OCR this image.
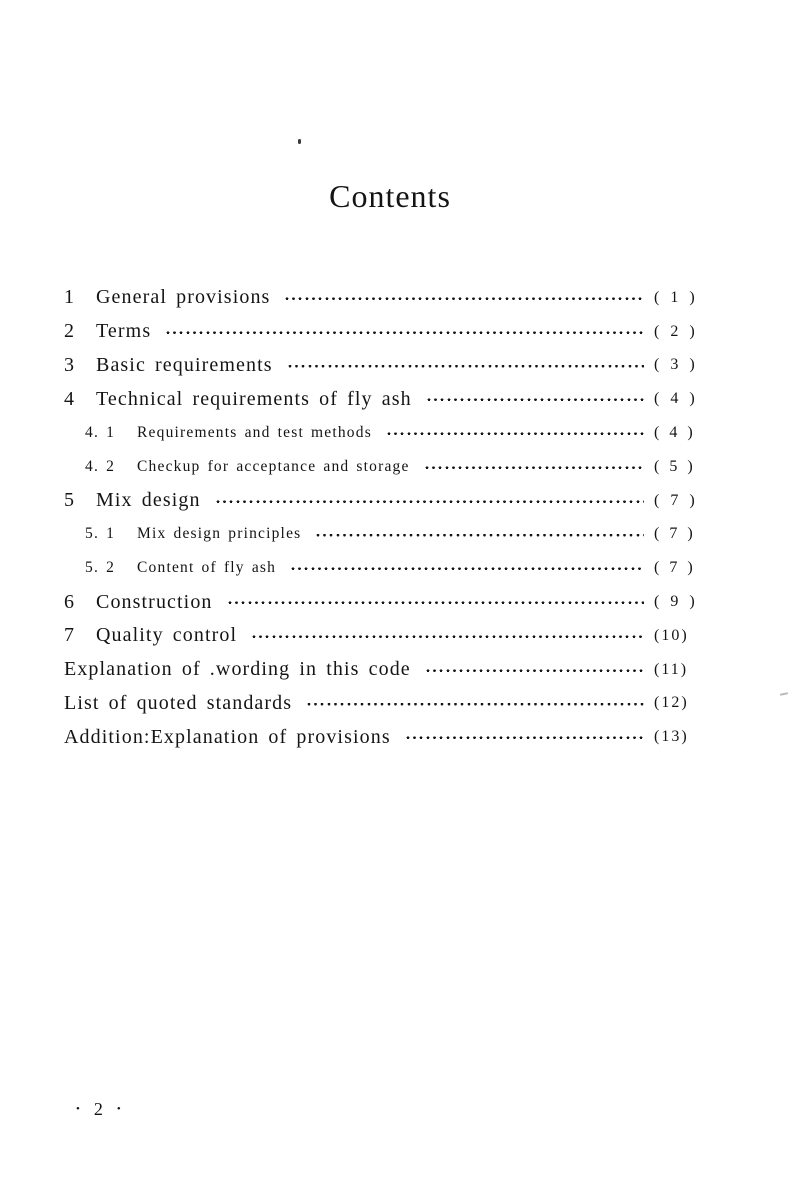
Contents
1	General provisions	( 1 )
2	Terms	( 2 )
3	Basic requirements	( 3 )
4	Technical requirements of fly ash	( 4 )
4. 1	Requirements and test methods	( 4 )
4. 2	Checkup for acceptance and storage	( 5 )
5	Mix design	( 7 )
5. 1	Mix design principles	( 7 )
5. 2	Content of fly ash	( 7 )
6	Construction	( 9 )
7	Quality control	(10)
Explanation of .wording in this code	(11)
List of quoted standards	(12)
Addition:Explanation of provisions	(13)
• 2 •
